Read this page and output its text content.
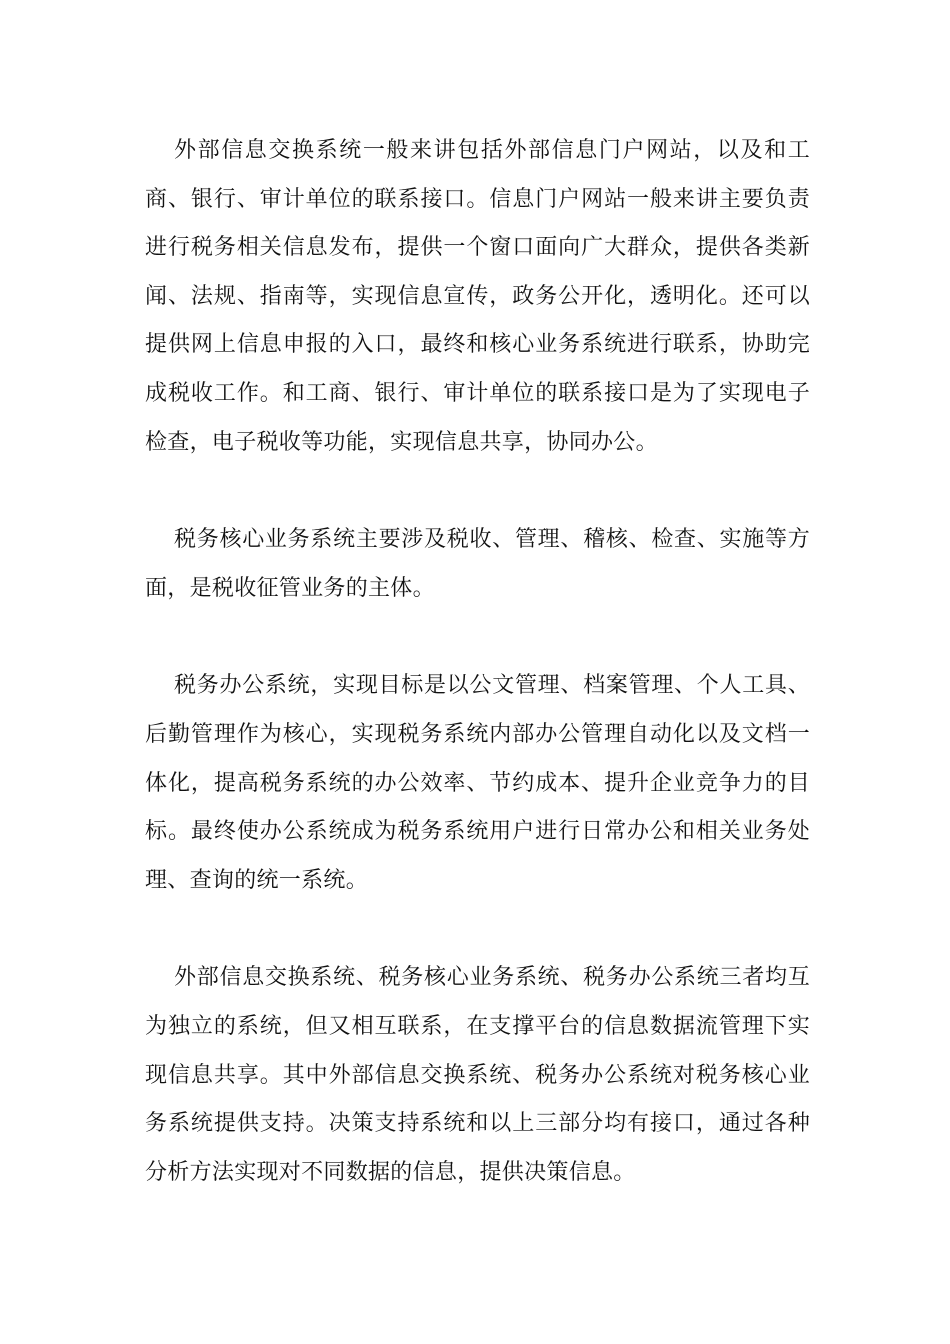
外部信息交换系统一般来讲包括外部信息门户网站，以及和工商、银行、审计单位的联系接口。信息门户网站一般来讲主要负责进行税务相关信息发布，提供一个窗口面向广大群众，提供各类新闻、法规、指南等，实现信息宣传，政务公开化，透明化。还可以提供网上信息申报的入口，最终和核心业务系统进行联系，协助完成税收工作。和工商、银行、审计单位的联系接口是为了实现电子检查，电子税收等功能，实现信息共享，协同办公。

税务核心业务系统主要涉及税收、管理、稽核、检查、实施等方面，是税收征管业务的主体。

税务办公系统，实现目标是以公文管理、档案管理、个人工具、后勤管理作为核心，实现税务系统内部办公管理自动化以及文档一体化，提高税务系统的办公效率、节约成本、提升企业竞争力的目标。最终使办公系统成为税务系统用户进行日常办公和相关业务处理、查询的统一系统。

外部信息交换系统、税务核心业务系统、税务办公系统三者均互为独立的系统，但又相互联系，在支撑平台的信息数据流管理下实现信息共享。其中外部信息交换系统、税务办公系统对税务核心业务系统提供支持。决策支持系统和以上三部分均有接口，通过各种分析方法实现对不同数据的信息，提供决策信息。
